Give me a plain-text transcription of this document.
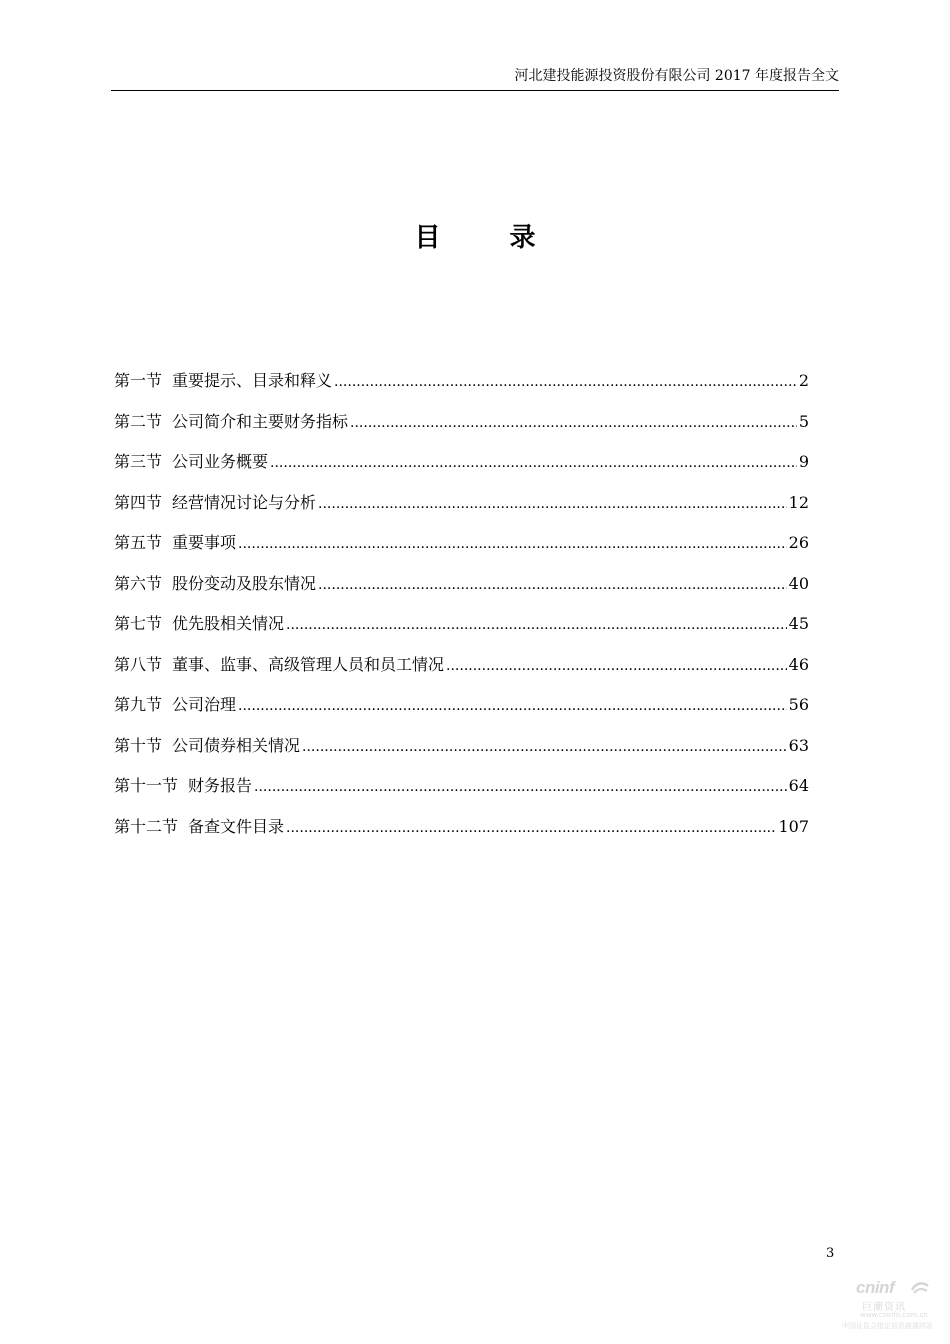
河北建投能源投资股份有限公司 2017 年度报告全文
目 录
第一节 重要提示、目录和释义 .....	2
第二节 公司简介和主要财务指标 .....	5
第三节 公司业务概要 .....	9
第四节 经营情况讨论与分析 .....	12
第五节 重要事项 .....	26
第六节 股份变动及股东情况 .....	40
第七节 优先股相关情况 .....	45
第八节 董事、监事、高级管理人员和员工情况 .....	46
第九节 公司治理 .....	56
第十节 公司债券相关情况 .....	63
第十一节 财务报告 .....	64
第十二节 备查文件目录 .....	107
3
cninf
巨潮资讯
www.cninfo.com.cn
中国证监会指定信息披露网站
